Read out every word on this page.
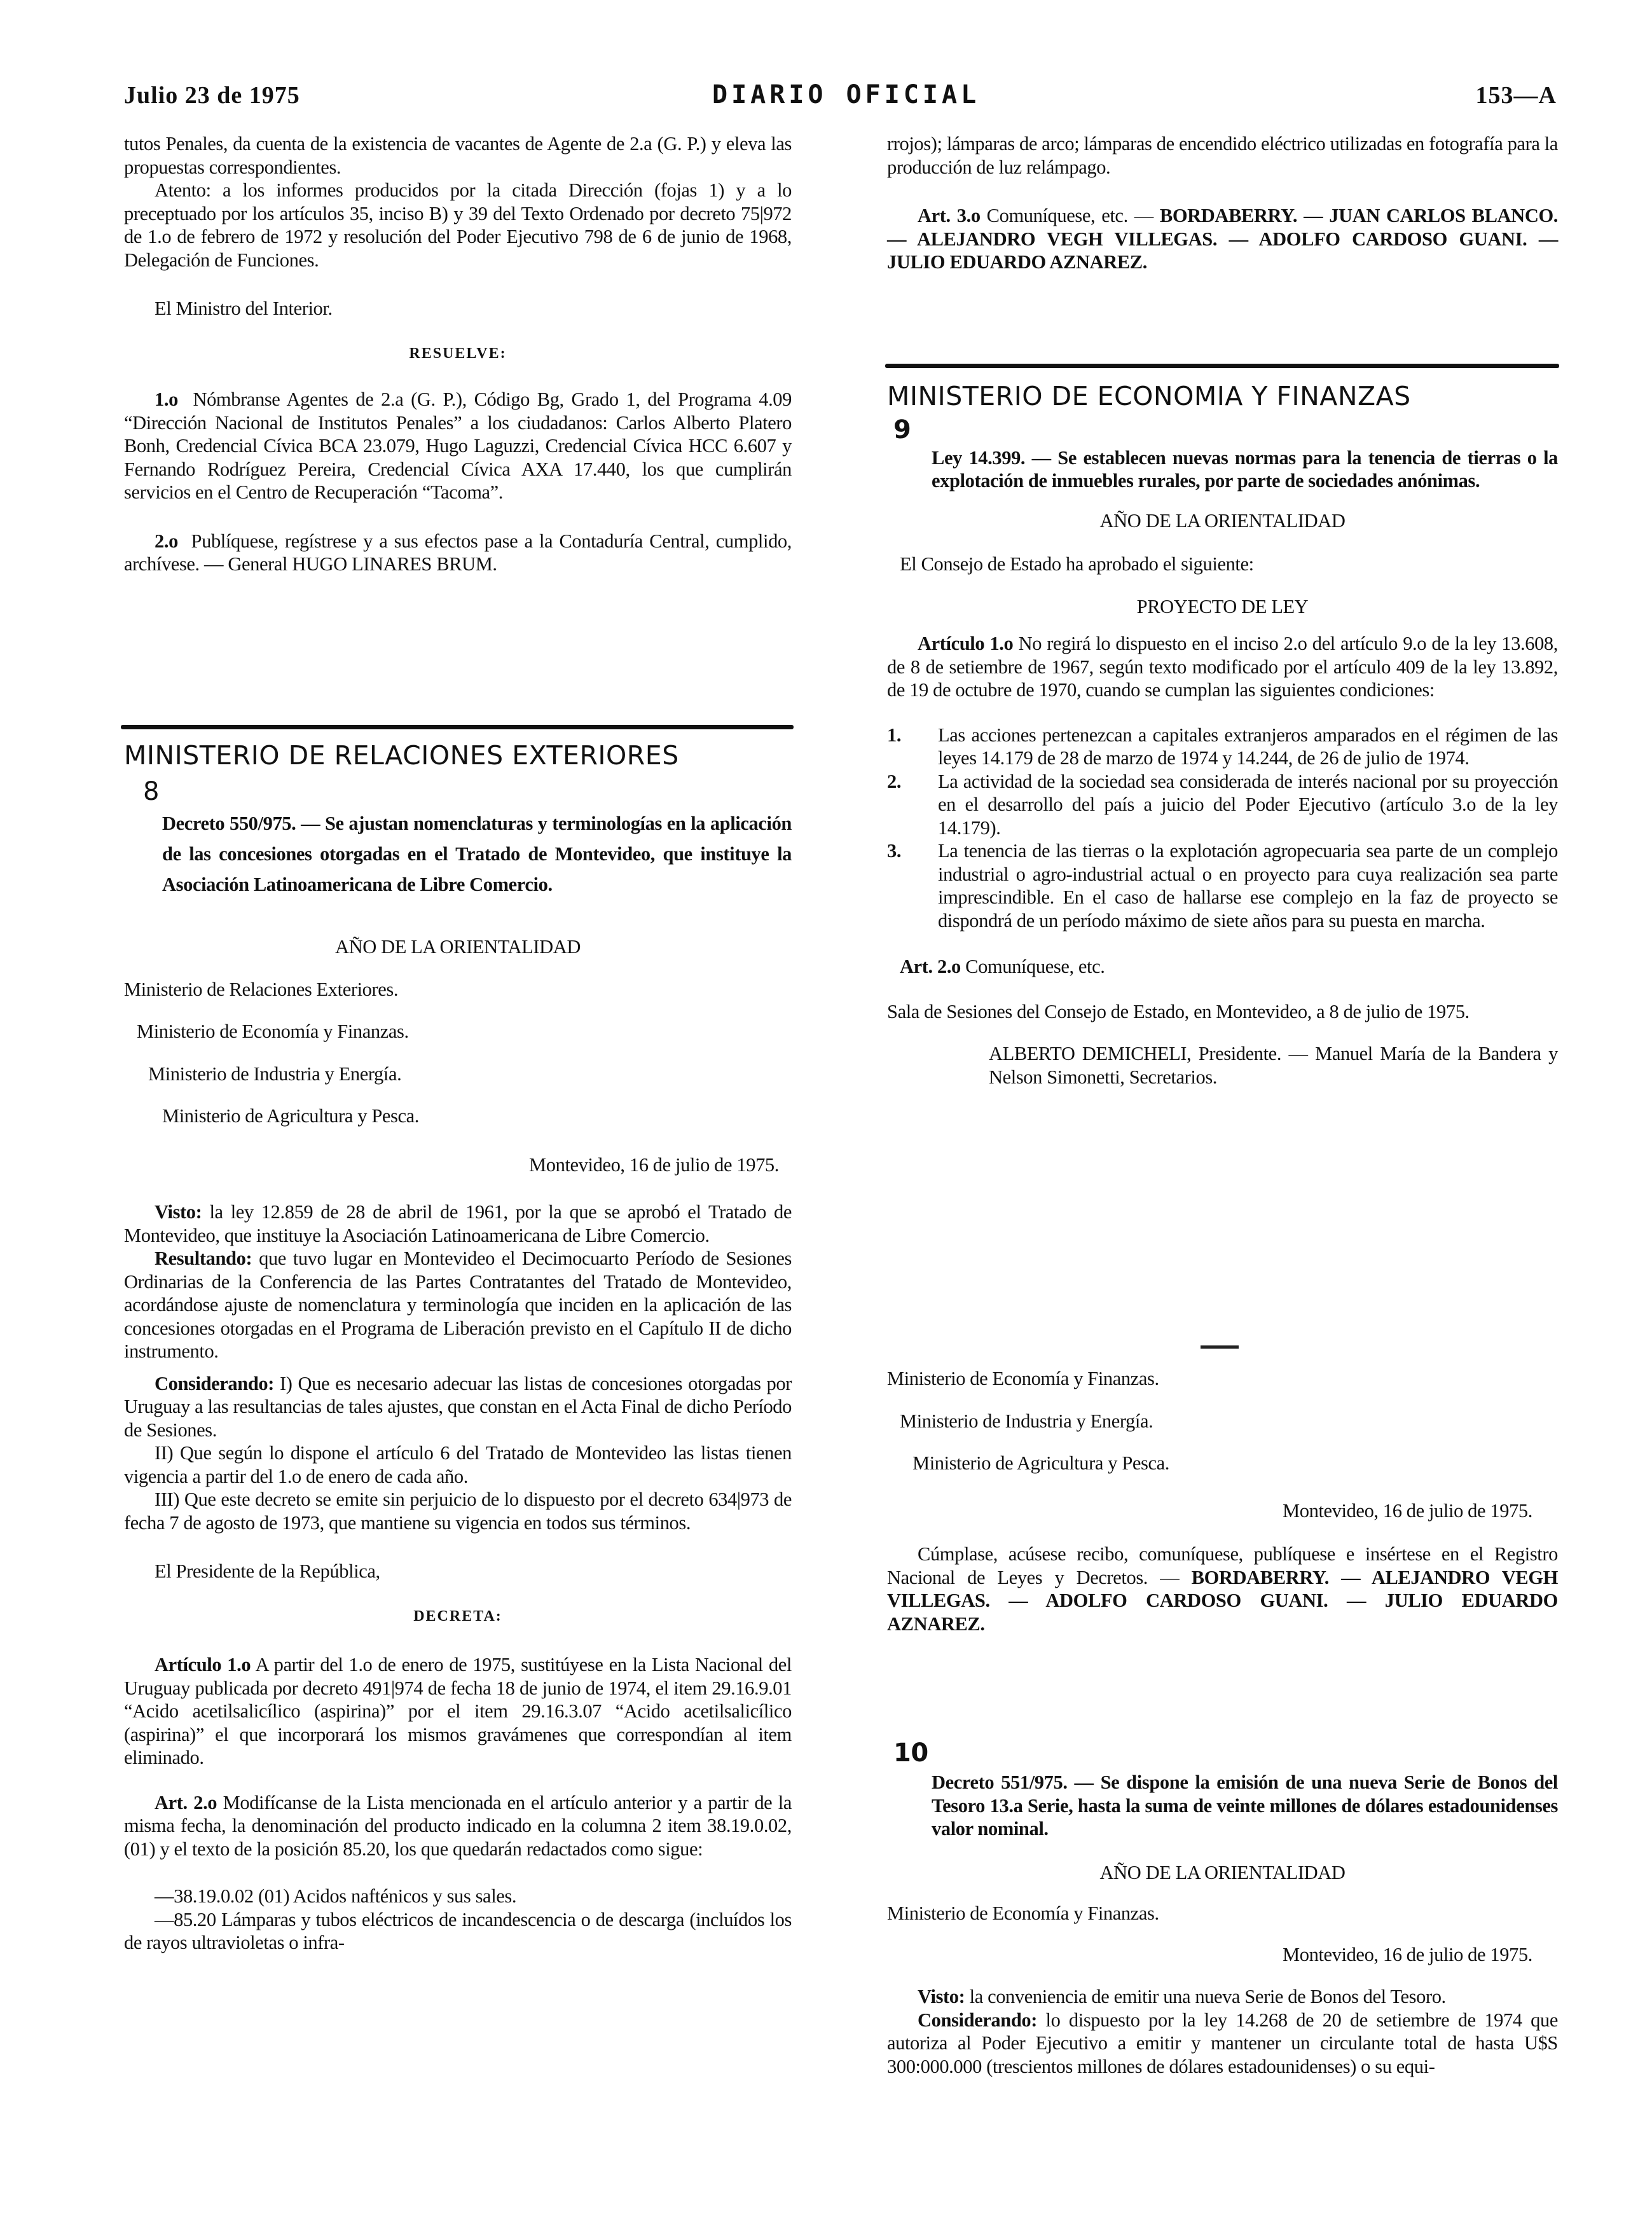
Julio 23 de 1975	DIARIO OFICIAL	153—A

tutos Penales, da cuenta de la existencia de vacantes de Agente de 2.a (G. P.) y eleva las propuestas correspondientes.

Atento: a los informes producidos por la citada Dirección (fojas 1) y a lo preceptuado por los artículos 35, inciso B) y 39 del Texto Ordenado por decreto 75|972 de 1.o de febrero de 1972 y resolución del Poder Ejecutivo 798 de 6 de junio de 1968, Delegación de Funciones.

El Ministro del Interior.

RESUELVE:

1.o Nómbranse Agentes de 2.a (G. P.), Código Bg, Grado 1, del Programa 4.09 “Dirección Nacional de Institutos Penales” a los ciudadanos: Carlos Alberto Platero Bonh, Credencial Cívica BCA 23.079, Hugo Laguzzi, Credencial Cívica HCC 6.607 y Fernando Rodríguez Pereira, Credencial Cívica AXA 17.440, los que cumplirán servicios en el Centro de Recuperación “Tacoma”.

2.o Publíquese, regístrese y a sus efectos pase a la Contaduría Central, cumplido, archívese. — General HUGO LINARES BRUM.

MINISTERIO DE RELACIONES EXTERIORES

8

Decreto 550/975. — Se ajustan nomenclaturas y terminologías en la aplicación de las concesiones otorgadas en el Tratado de Montevideo, que instituye la Asociación Latinoamericana de Libre Comercio.

AÑO DE LA ORIENTALIDAD

Ministerio de Relaciones Exteriores.

Ministerio de Economía y Finanzas.

Ministerio de Industria y Energía.

Ministerio de Agricultura y Pesca.

Montevideo, 16 de julio de 1975.

Visto: la ley 12.859 de 28 de abril de 1961, por la que se aprobó el Tratado de Montevideo, que instituye la Asociación Latinoamericana de Libre Comercio.

Resultando: que tuvo lugar en Montevideo el Decimocuarto Período de Sesiones Ordinarias de la Conferencia de las Partes Contratantes del Tratado de Montevideo, acordándose ajuste de nomenclatura y terminología que inciden en la aplicación de las concesiones otorgadas en el Programa de Liberación previsto en el Capítulo II de dicho instrumento.

Considerando: I) Que es necesario adecuar las listas de concesiones otorgadas por Uruguay a las resultancias de tales ajustes, que constan en el Acta Final de dicho Período de Sesiones.

II) Que según lo dispone el artículo 6 del Tratado de Montevideo las listas tienen vigencia a partir del 1.o de enero de cada año.

III) Que este decreto se emite sin perjuicio de lo dispuesto por el decreto 634|973 de fecha 7 de agosto de 1973, que mantiene su vigencia en todos sus términos.

El Presidente de la República,

DECRETA:

Artículo 1.o A partir del 1.o de enero de 1975, sustitúyese en la Lista Nacional del Uruguay publicada por decreto 491|974 de fecha 18 de junio de 1974, el item 29.16.9.01 “Acido acetilsalicílico (aspirina)” por el item 29.16.3.07 “Acido acetilsalicílico (aspirina)” el que incorporará los mismos gravámenes que correspondían al item eliminado.

Art. 2.o Modifícanse de la Lista mencionada en el artículo anterior y a partir de la misma fecha, la denominación del producto indicado en la columna 2 item 38.19.0.02, (01) y el texto de la posición 85.20, los que quedarán redactados como sigue:

—38.19.0.02 (01) Acidos nafténicos y sus sales.

—85.20 Lámparas y tubos eléctricos de incandescencia o de descarga (incluídos los de rayos ultravioletas o infra-

rrojos); lámparas de arco; lámparas de encendido eléctrico utilizadas en fotografía para la producción de luz relámpago.

Art. 3.o Comuníquese, etc. — BORDABERRY. — JUAN CARLOS BLANCO. — ALEJANDRO VEGH VILLEGAS. — ADOLFO CARDOSO GUANI. — JULIO EDUARDO AZNAREZ.

MINISTERIO DE ECONOMIA Y FINANZAS

9

Ley 14.399. — Se establecen nuevas normas para la tenencia de tierras o la explotación de inmuebles rurales, por parte de sociedades anónimas.

AÑO DE LA ORIENTALIDAD

El Consejo de Estado ha aprobado el siguiente:

PROYECTO DE LEY

Artículo 1.o No regirá lo dispuesto en el inciso 2.o del artículo 9.o de la ley 13.608, de 8 de setiembre de 1967, según texto modificado por el artículo 409 de la ley 13.892, de 19 de octubre de 1970, cuando se cumplan las siguientes condiciones:

1.	Las acciones pertenezcan a capitales extranjeros amparados en el régimen de las leyes 14.179 de 28 de marzo de 1974 y 14.244, de 26 de julio de 1974.
2.	La actividad de la sociedad sea considerada de interés nacional por su proyección en el desarrollo del país a juicio del Poder Ejecutivo (artículo 3.o de la ley 14.179).
3.	La tenencia de las tierras o la explotación agropecuaria sea parte de un complejo industrial o agro-industrial actual o en proyecto para cuya realización sea parte imprescindible. En el caso de hallarse ese complejo en la faz de proyecto se dispondrá de un período máximo de siete años para su puesta en marcha.

Art. 2.o Comuníquese, etc.

Sala de Sesiones del Consejo de Estado, en Montevideo, a 8 de julio de 1975.

ALBERTO DEMICHELI, Presidente. — Manuel María de la Bandera y Nelson Simonetti, Secretarios.

Ministerio de Economía y Finanzas.

Ministerio de Industria y Energía.

Ministerio de Agricultura y Pesca.

Montevideo, 16 de julio de 1975.

Cúmplase, acúsese recibo, comuníquese, publíquese e insértese en el Registro Nacional de Leyes y Decretos. — BORDABERRY. — ALEJANDRO VEGH VILLEGAS. — ADOLFO CARDOSO GUANI. — JULIO EDUARDO AZNAREZ.

10

Decreto 551/975. — Se dispone la emisión de una nueva Serie de Bonos del Tesoro 13.a Serie, hasta la suma de veinte millones de dólares estadounidenses valor nominal.

AÑO DE LA ORIENTALIDAD

Ministerio de Economía y Finanzas.

Montevideo, 16 de julio de 1975.

Visto: la conveniencia de emitir una nueva Serie de Bonos del Tesoro.

Considerando: lo dispuesto por la ley 14.268 de 20 de setiembre de 1974 que autoriza al Poder Ejecutivo a emitir y mantener un circulante total de hasta U$S 300:000.000 (trescientos millones de dólares estadounidenses) o su equi-
